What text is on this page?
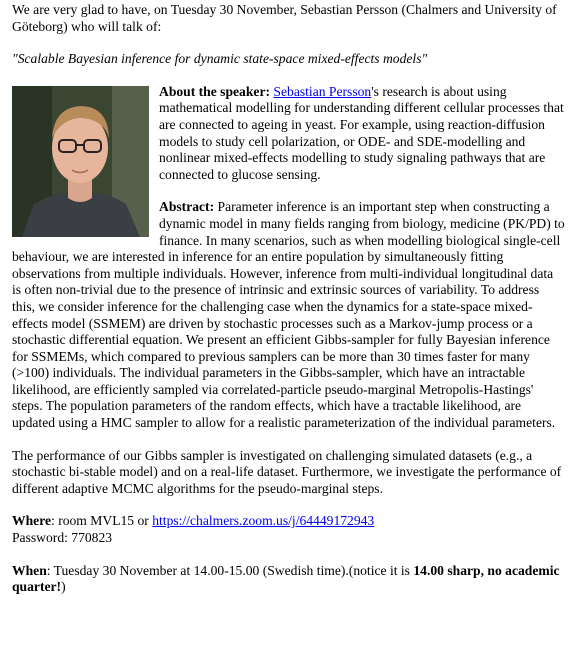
We are very glad to have, on Tuesday 30 November, Sebastian Persson (Chalmers and University of Göteborg) who will talk of:

"Scalable Bayesian inference for dynamic state-space mixed-effects models"

About the speaker: Sebastian Persson's research is about using mathematical modelling for understanding different cellular processes that are connected to ageing in yeast. For example, using reaction-diffusion models to study cell polarization, or ODE- and SDE-modelling and nonlinear mixed-effects modelling to study signaling pathways that are connected to glucose sensing.

Abstract: Parameter inference is an important step when constructing a dynamic model in many fields ranging from biology, medicine (PK/PD) to finance. In many scenarios, such as when modelling biological single-cell behaviour, we are interested in inference for an entire population by simultaneously fitting observations from multiple individuals. However, inference from multi-individual longitudinal data is often non-trivial due to the presence of intrinsic and extrinsic sources of variability. To address this, we consider inference for the challenging case when the dynamics for a state-space mixed-effects model (SSMEM) are driven by stochastic processes such as a Markov-jump process or a stochastic differential equation. We present an efficient Gibbs-sampler for fully Bayesian inference for SSMEMs, which compared to previous samplers can be more than 30 times faster for many (>100) individuals. The individual parameters in the Gibbs-sampler, which have an intractable likelihood, are efficiently sampled via correlated-particle pseudo-marginal Metropolis-Hastings' steps. The population parameters of the random effects, which have a tractable likelihood, are updated using a HMC sampler to allow for a realistic parameterization of the individual parameters.

The performance of our Gibbs sampler is investigated on challenging simulated datasets (e.g., a stochastic bi-stable model) and on a real-life dataset. Furthermore, we investigate the performance of different adaptive MCMC algorithms for the pseudo-marginal steps.

Where: room MVL15 or https://chalmers.zoom.us/j/64449172943
Password: 770823

When: Tuesday 30 November at 14.00-15.00 (Swedish time).(notice it is 14.00 sharp, no academic quarter!)
